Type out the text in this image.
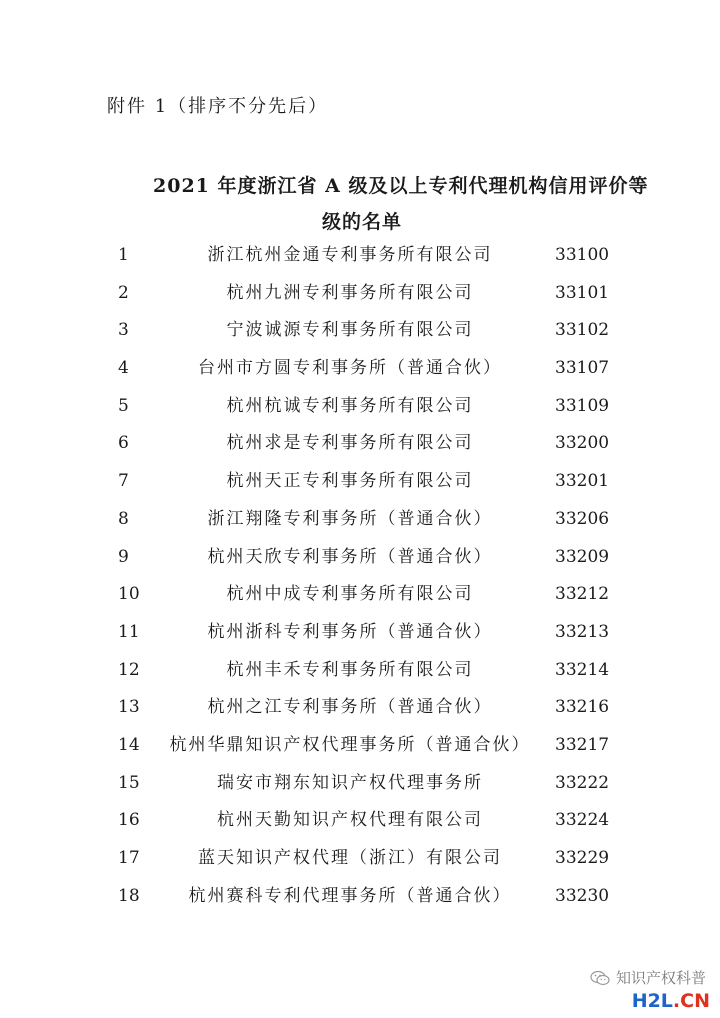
附件 1（排序不分先后）
2021 年度浙江省 A 级及以上专利代理机构信用评价等
级的名单
1	浙江杭州金通专利事务所有限公司	33100
2	杭州九洲专利事务所有限公司	33101
3	宁波诚源专利事务所有限公司	33102
4	台州市方圆专利事务所（普通合伙）	33107
5	杭州杭诚专利事务所有限公司	33109
6	杭州求是专利事务所有限公司	33200
7	杭州天正专利事务所有限公司	33201
8	浙江翔隆专利事务所（普通合伙）	33206
9	杭州天欣专利事务所（普通合伙）	33209
10	杭州中成专利事务所有限公司	33212
11	杭州浙科专利事务所（普通合伙）	33213
12	杭州丰禾专利事务所有限公司	33214
13	杭州之江专利事务所（普通合伙）	33216
14	杭州华鼎知识产权代理事务所（普通合伙）	33217
15	瑞安市翔东知识产权代理事务所	33222
16	杭州天勤知识产权代理有限公司	33224
17	蓝天知识产权代理（浙江）有限公司	33229
18	杭州赛科专利代理事务所（普通合伙）	33230
知识产权科普
H2L.CN
